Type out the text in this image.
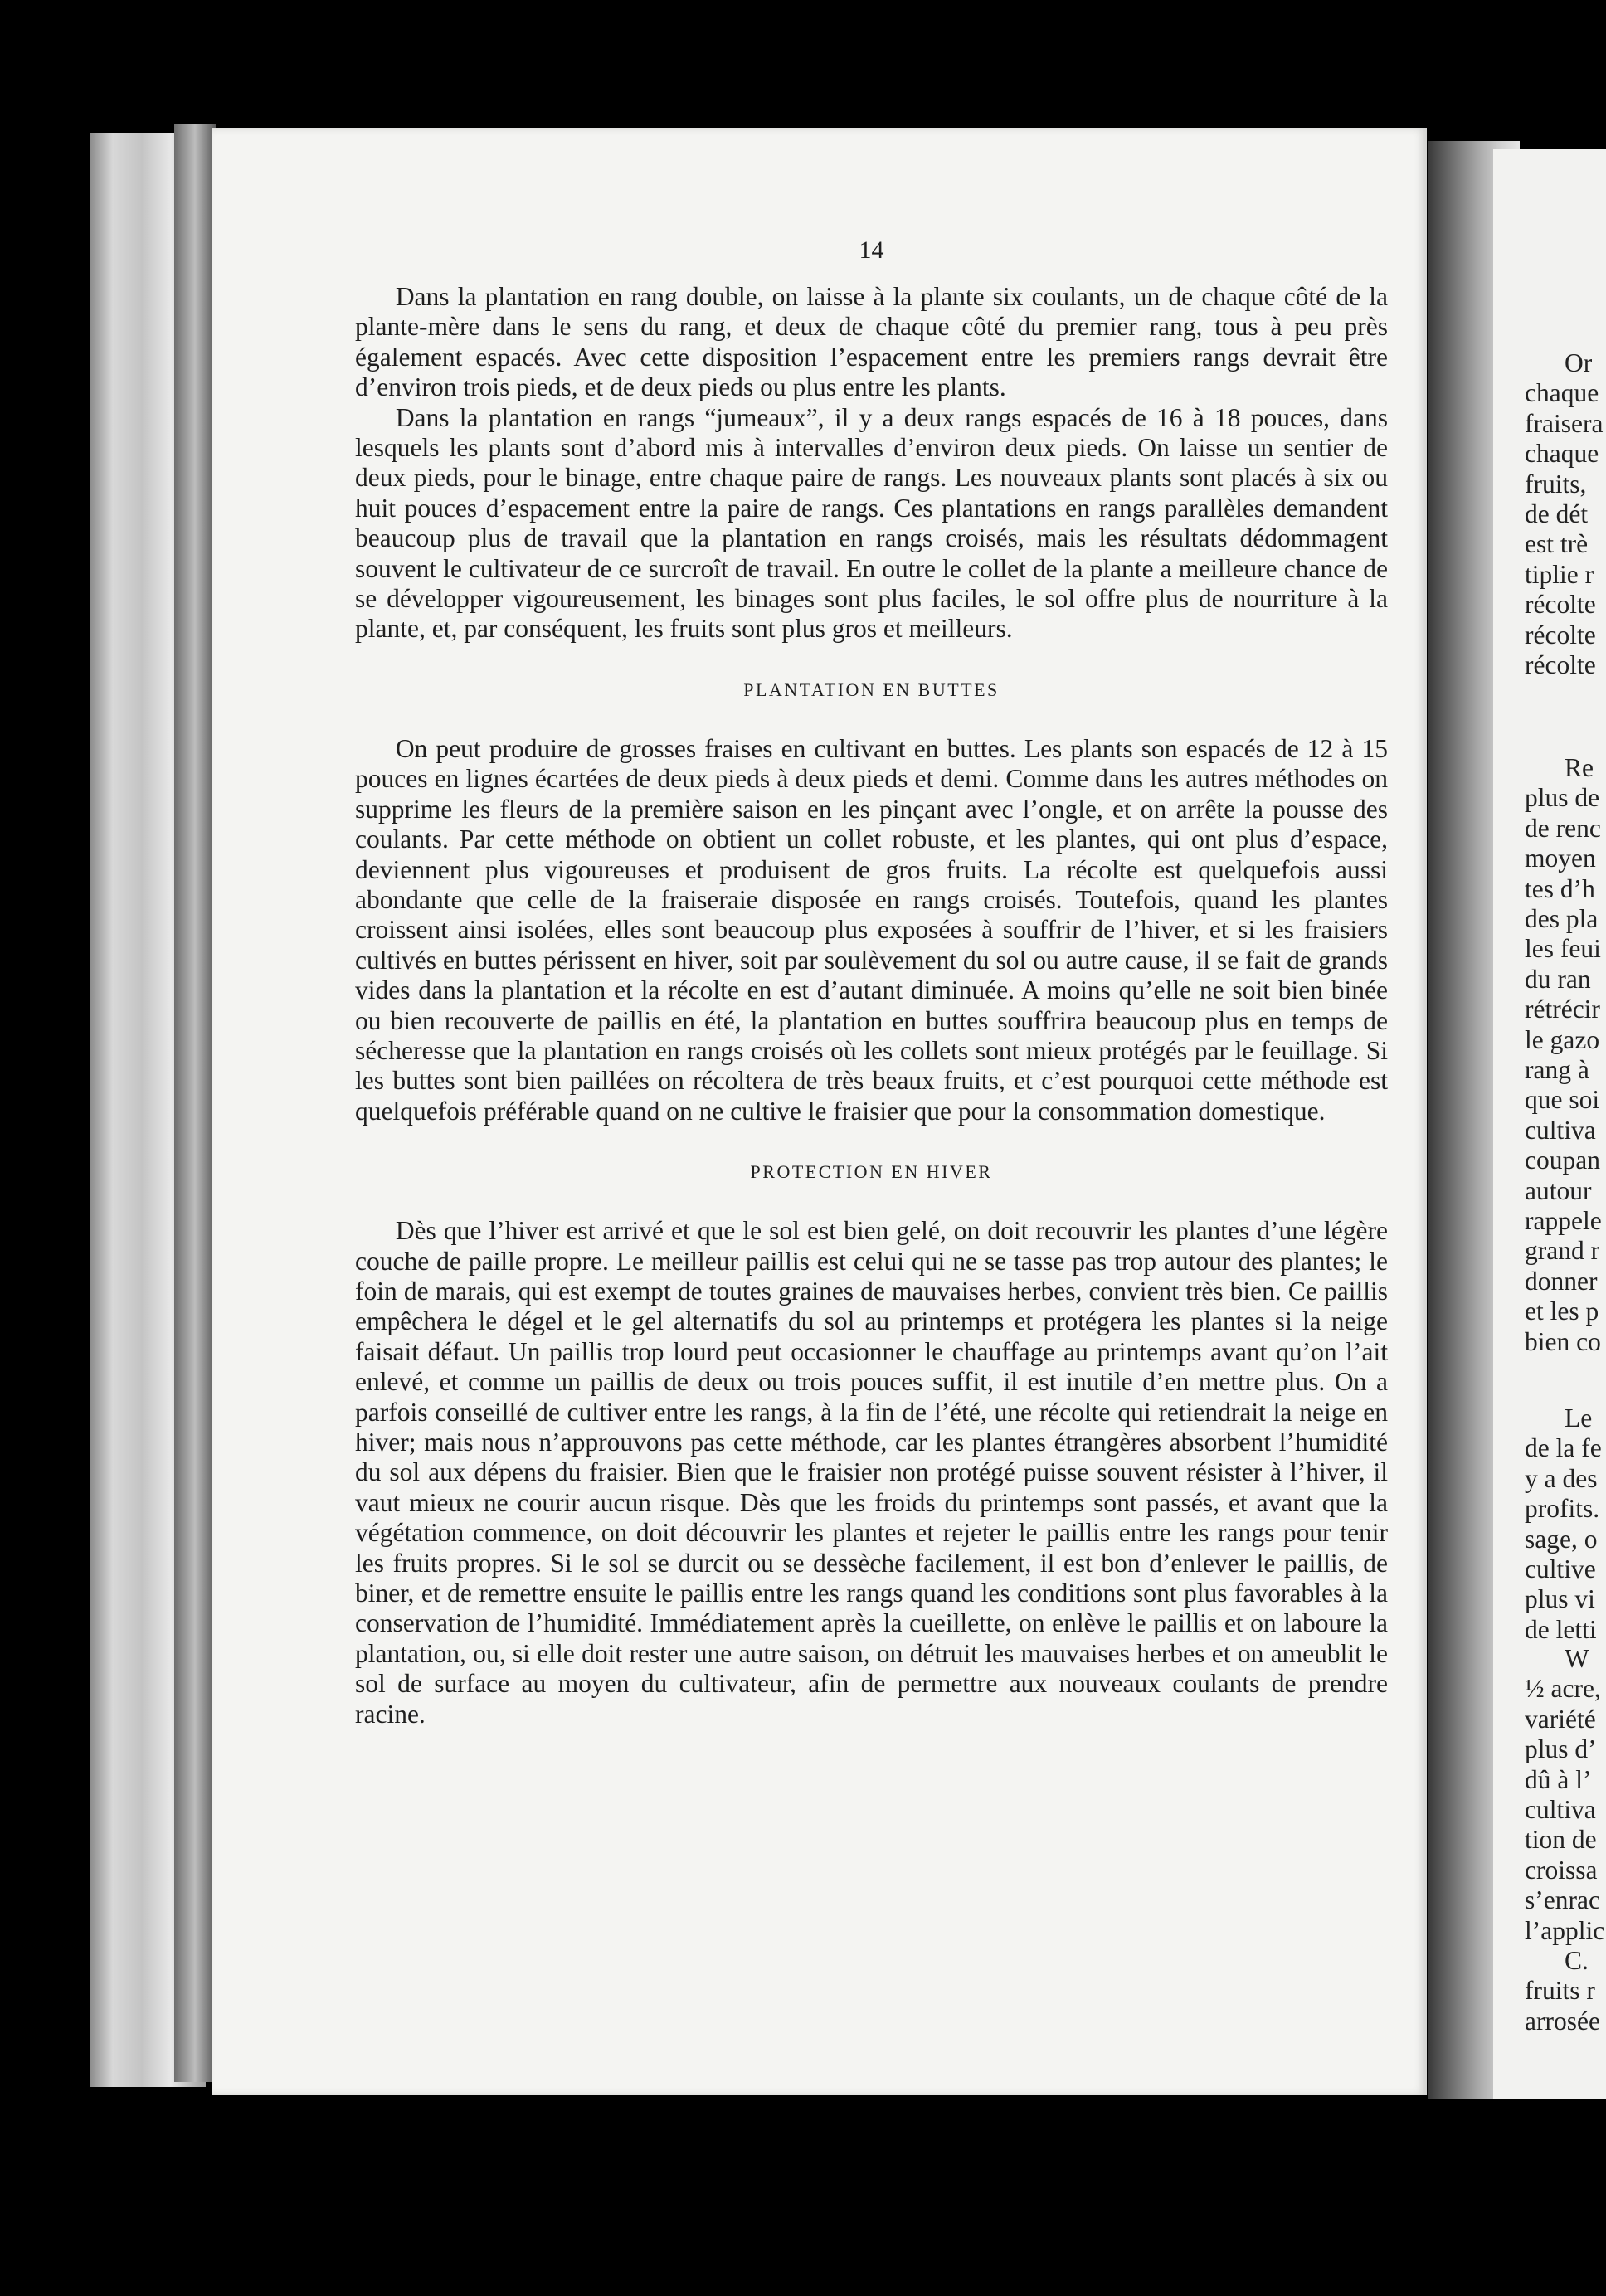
Or
chaque
fraisera
chaque
fruits,
de dét
est trè
tiplie r
récolte
récolte
récolte
Re
plus de
de renc
moyen
tes d’h
des pla
les feui
du ran
rétrécir
le gazo
rang à
que soi
cultiva
coupan
autour
rappele
grand r
donner
et les p
bien co
Le
de la fe
y a des
profits.
sage, o
cultive
plus vi
de letti
W
½ acre,
variété
plus d’
dû à l’
cultiva
tion de
croissa
s’enrac
l’applic
C.
fruits r
arrosée
14

Dans la plantation en rang double, on laisse à la plante six coulants, un de chaque côté de la plante-mère dans le sens du rang, et deux de chaque côté du premier rang, tous à peu près également espacés. Avec cette disposition l’espacement entre les premiers rangs devrait être d’environ trois pieds, et de deux pieds ou plus entre les plants.

Dans la plantation en rangs “jumeaux”, il y a deux rangs espacés de 16 à 18 pouces, dans lesquels les plants sont d’abord mis à intervalles d’environ deux pieds. On laisse un sentier de deux pieds, pour le binage, entre chaque paire de rangs. Les nouveaux plants sont placés à six ou huit pouces d’espacement entre la paire de rangs. Ces plantations en rangs parallèles demandent beaucoup plus de travail que la plantation en rangs croisés, mais les résultats dédommagent souvent le cultivateur de ce surcroît de travail. En outre le collet de la plante a meilleure chance de se développer vigoureusement, les binages sont plus faciles, le sol offre plus de nourriture à la plante, et, par conséquent, les fruits sont plus gros et meilleurs.

PLANTATION EN BUTTES

On peut produire de grosses fraises en cultivant en buttes. Les plants son espacés de 12 à 15 pouces en lignes écartées de deux pieds à deux pieds et demi. Comme dans les autres méthodes on supprime les fleurs de la première saison en les pinçant avec l’ongle, et on arrête la pousse des coulants. Par cette méthode on obtient un collet robuste, et les plantes, qui ont plus d’espace, deviennent plus vigoureuses et produisent de gros fruits. La récolte est quelquefois aussi abondante que celle de la fraiseraie disposée en rangs croisés. Toutefois, quand les plantes croissent ainsi isolées, elles sont beaucoup plus exposées à souffrir de l’hiver, et si les fraisiers cultivés en buttes périssent en hiver, soit par soulèvement du sol ou autre cause, il se fait de grands vides dans la plantation et la récolte en est d’autant diminuée. A moins qu’elle ne soit bien binée ou bien recouverte de paillis en été, la plantation en buttes souffrira beaucoup plus en temps de sécheresse que la plantation en rangs croisés où les collets sont mieux protégés par le feuillage. Si les buttes sont bien paillées on récoltera de très beaux fruits, et c’est pourquoi cette méthode est quelquefois préférable quand on ne cultive le fraisier que pour la consommation domestique.

PROTECTION EN HIVER

Dès que l’hiver est arrivé et que le sol est bien gelé, on doit recouvrir les plantes d’une légère couche de paille propre. Le meilleur paillis est celui qui ne se tasse pas trop autour des plantes; le foin de marais, qui est exempt de toutes graines de mauvaises herbes, convient très bien. Ce paillis empêchera le dégel et le gel alternatifs du sol au printemps et protégera les plantes si la neige faisait défaut. Un paillis trop lourd peut occasionner le chauffage au printemps avant qu’on l’ait enlevé, et comme un paillis de deux ou trois pouces suffit, il est inutile d’en mettre plus. On a parfois conseillé de cultiver entre les rangs, à la fin de l’été, une récolte qui retiendrait la neige en hiver; mais nous n’approuvons pas cette méthode, car les plantes étrangères absorbent l’humidité du sol aux dépens du fraisier. Bien que le fraisier non protégé puisse souvent résister à l’hiver, il vaut mieux ne courir aucun risque. Dès que les froids du printemps sont passés, et avant que la végétation commence, on doit découvrir les plantes et rejeter le paillis entre les rangs pour tenir les fruits propres. Si le sol se durcit ou se dessèche facilement, il est bon d’enlever le paillis, de biner, et de remettre ensuite le paillis entre les rangs quand les conditions sont plus favorables à la conservation de l’humidité. Immédiatement après la cueillette, on enlève le paillis et on laboure la plantation, ou, si elle doit rester une autre saison, on détruit les mauvaises herbes et on ameublit le sol de surface au moyen du cultivateur, afin de permettre aux nouveaux coulants de prendre racine.
